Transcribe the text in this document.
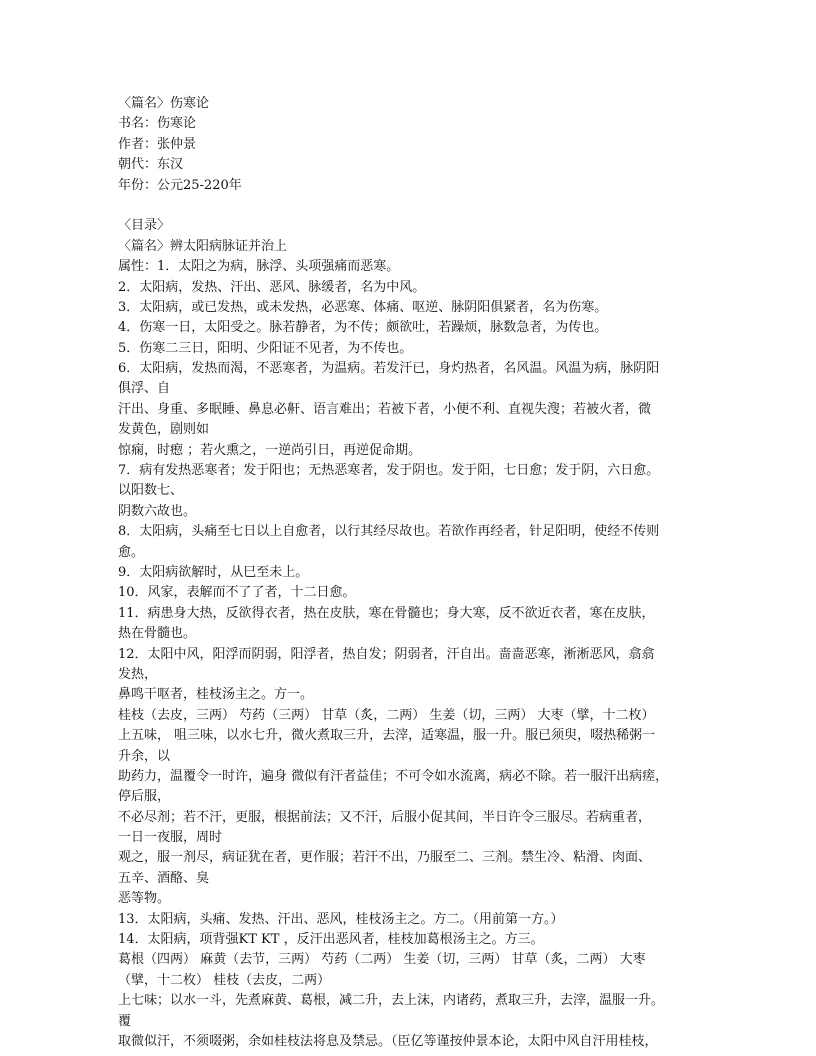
〈篇名〉伤寒论
书名：伤寒论
作者：张仲景
朝代：东汉
年份：公元25-220年
〈目录〉
〈篇名〉辨太阳病脉证并治上
属性：1．太阳之为病，脉浮、头项强痛而恶寒。
2．太阳病，发热、汗出、恶风、脉缓者，名为中风。
3．太阳病，或已发热，或未发热，必恶寒、体痛、呕逆、脉阴阳俱紧者，名为伤寒。
4．伤寒一日，太阳受之。脉若静者，为不传；颇欲吐，若躁烦，脉数急者，为传也。
5．伤寒二三日，阳明、少阳证不见者，为不传也。
6．太阳病，发热而渴，不恶寒者，为温病。若发汗已，身灼热者，名风温。风温为病，脉阴阳
俱浮、自
汗出、身重、多眠睡、鼻息必鼾、语言难出；若被下者，小便不利、直视失溲；若被火者，微
发黄色，剧则如
惊痫，时瘛 ；若火熏之，一逆尚引日，再逆促命期。
7．病有发热恶寒者；发于阳也；无热恶寒者，发于阴也。发于阳，七日愈；发于阴，六日愈。
以阳数七、
阴数六故也。
8．太阳病，头痛至七日以上自愈者，以行其经尽故也。若欲作再经者，针足阳明，使经不传则
愈。
9．太阳病欲解时，从巳至未上。
10．风家，表解而不了了者，十二日愈。
11．病患身大热，反欲得衣者，热在皮肤，寒在骨髓也；身大寒，反不欲近衣者，寒在皮肤，
热在骨髓也。
12．太阳中风，阳浮而阴弱，阳浮者，热自发；阴弱者，汗自出。啬啬恶寒，淅淅恶风，翕翕
发热，
鼻鸣干呕者，桂枝汤主之。方一。
桂枝（去皮，三两） 芍药（三两） 甘草（炙，二两） 生姜（切，三两） 大枣（擘，十二枚）
上五味， 咀三味，以水七升，微火煮取三升，去滓，适寒温，服一升。服已须臾，啜热稀粥一
升余，以
助药力，温覆令一时许，遍身 微似有汗者益佳；不可令如水流离，病必不除。若一服汗出病瘥，
停后服，
不必尽剂；若不汗，更服，根据前法；又不汗，后服小促其间，半日许令三服尽。若病重者，
一日一夜服，周时
观之，服一剂尽，病证犹在者，更作服；若汗不出，乃服至二、三剂。禁生冷、粘滑、肉面、
五辛、酒酪、臭
恶等物。
13．太阳病，头痛、发热、汗出、恶风，桂枝汤主之。方二。（用前第一方。）
14．太阳病，项背强KT KT ，反汗出恶风者，桂枝加葛根汤主之。方三。
葛根（四两） 麻黄（去节，三两） 芍药（二两） 生姜（切，三两） 甘草（炙，二两） 大枣
（擘，十二枚） 桂枝（去皮，二两）
上七味；以水一斗，先煮麻黄、葛根，减二升，去上沫，内诸药，煮取三升，去滓，温服一升。
覆
取微似汗，不须啜粥，余如桂枝法将息及禁忌。（臣亿等谨按仲景本论，太阳中风自汗用桂枝，
